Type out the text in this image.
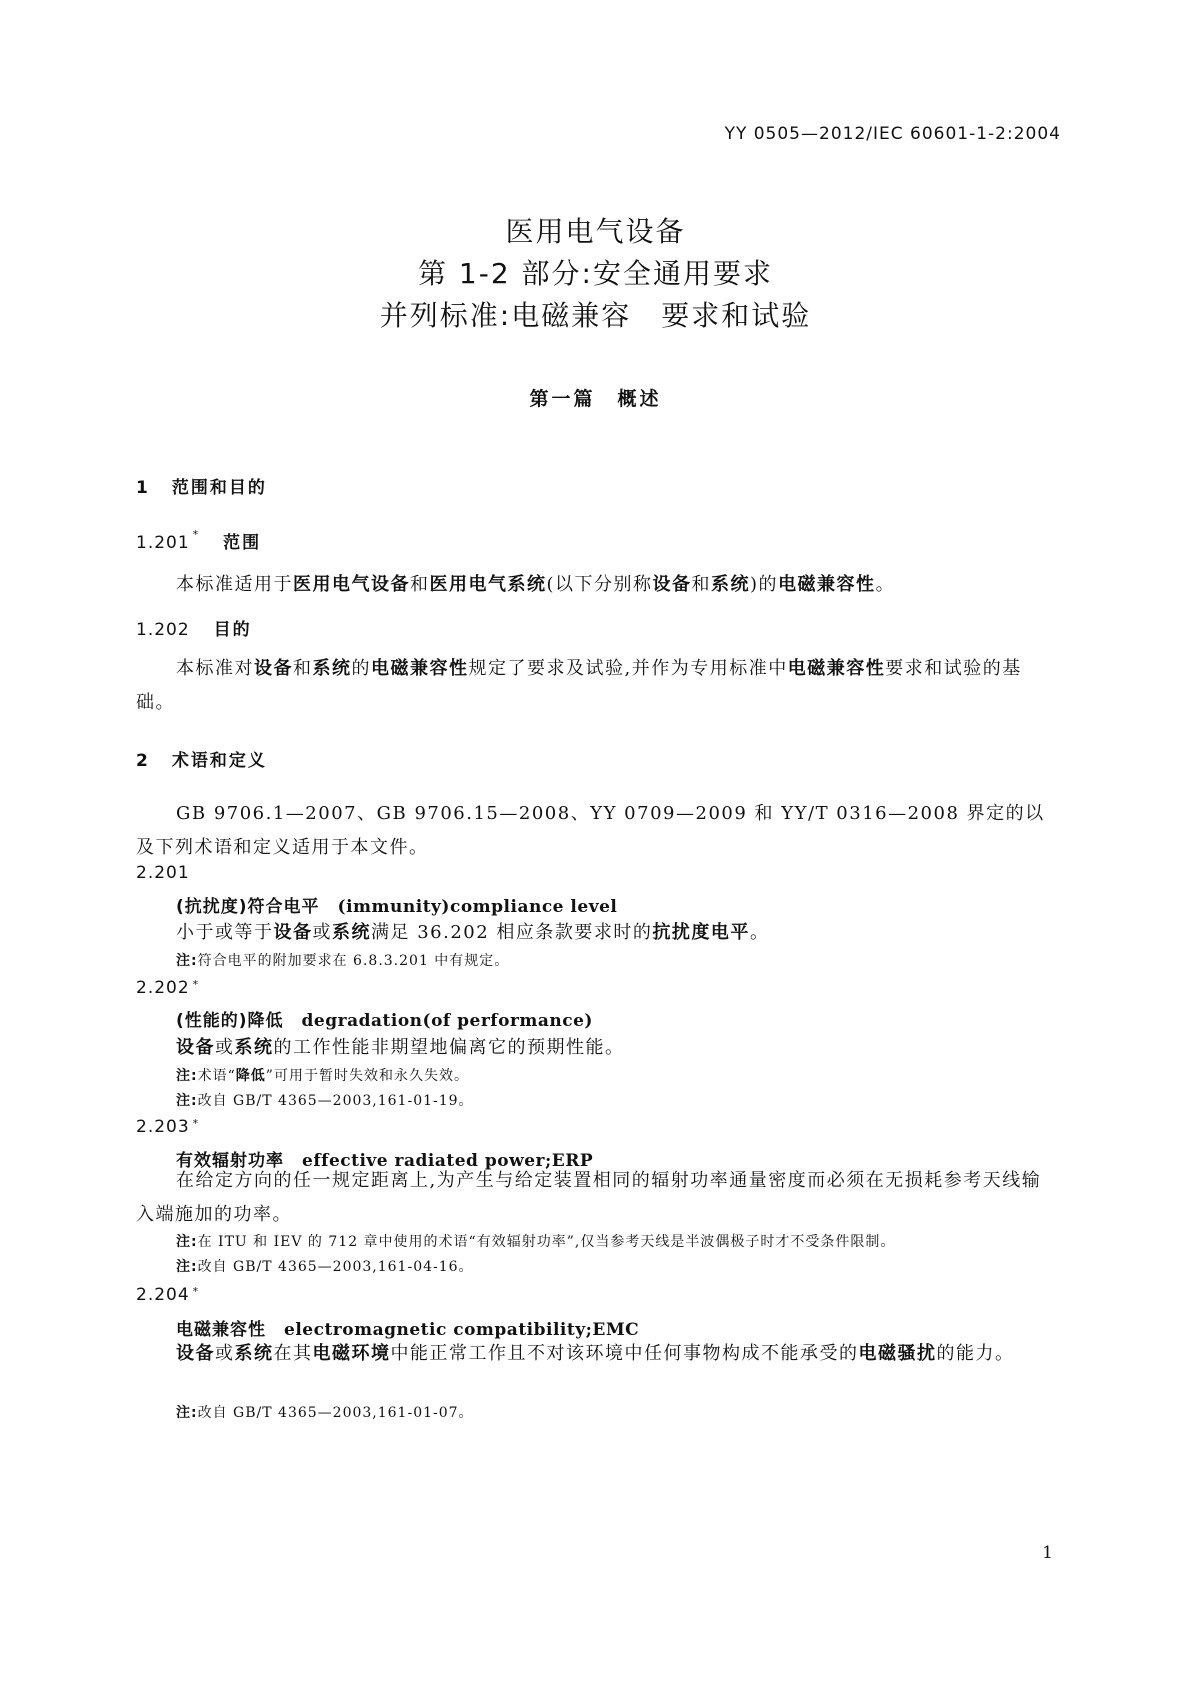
YY 0505—2012/IEC 60601-1-2:2004
医用电气设备
第 1-2 部分:安全通用要求
并列标准:电磁兼容　要求和试验
第一篇　概述
1 范围和目的
1.201 * 范围
本标准适用于医用电气设备和医用电气系统(以下分别称设备和系统)的电磁兼容性。
1.202 目的
本标准对设备和系统的电磁兼容性规定了要求及试验,并作为专用标准中电磁兼容性要求和试验的基础。
2 术语和定义
GB 9706.1—2007、GB 9706.15—2008、YY 0709—2009 和 YY/T 0316—2008 界定的以及下列术语和定义适用于本文件。
2.201
(抗扰度)符合电平 (immunity)compliance level
小于或等于设备或系统满足 36.202 相应条款要求时的抗扰度电平。
注:符合电平的附加要求在 6.8.3.201 中有规定。
2.202 *
(性能的)降低 degradation(of performance)
设备或系统的工作性能非期望地偏离它的预期性能。
注:术语“降低”可用于暂时失效和永久失效。
注:改自 GB/T 4365—2003,161-01-19。
2.203 *
有效辐射功率 effective radiated power;ERP
在给定方向的任一规定距离上,为产生与给定装置相同的辐射功率通量密度而必须在无损耗参考天线输入端施加的功率。
注:在 ITU 和 IEV 的 712 章中使用的术语“有效辐射功率”,仅当参考天线是半波偶极子时才不受条件限制。
注:改自 GB/T 4365—2003,161-04-16。
2.204 *
电磁兼容性 electromagnetic compatibility;EMC
设备或系统在其电磁环境中能正常工作且不对该环境中任何事物构成不能承受的电磁骚扰的能力。
注:改自 GB/T 4365—2003,161-01-07。
1
